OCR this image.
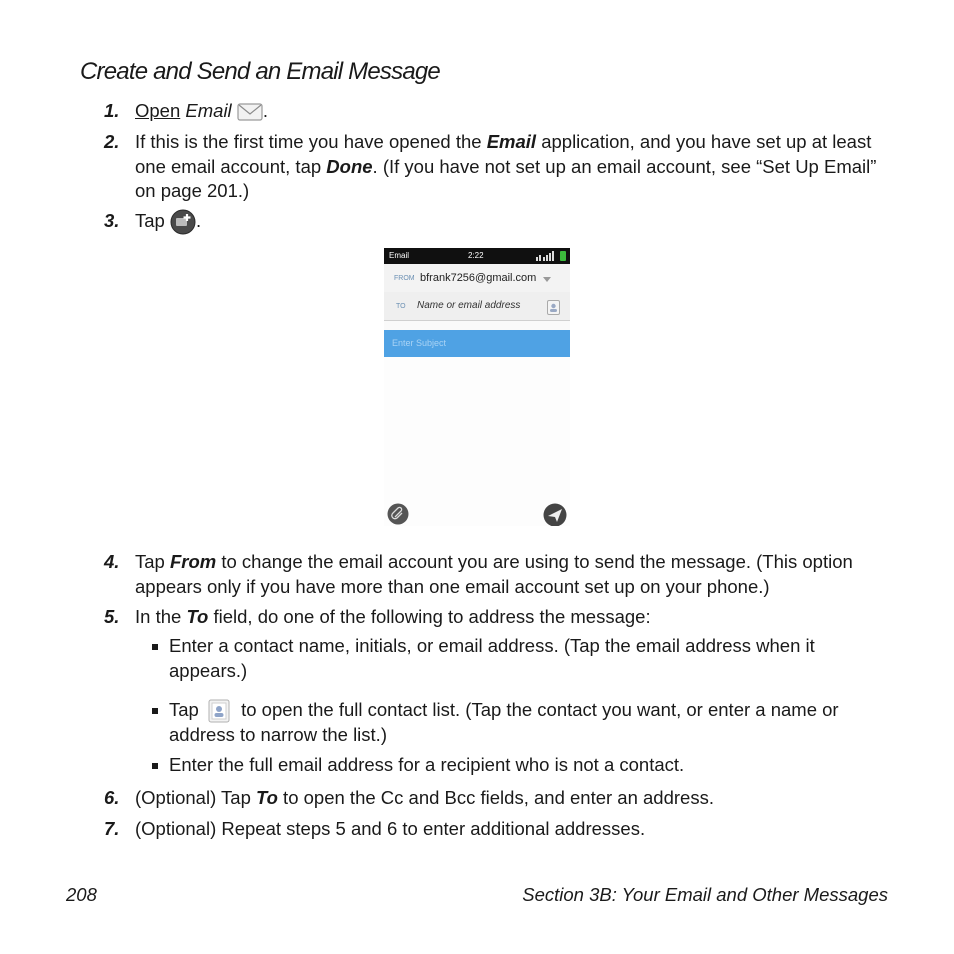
Create and Send an Email Message
1. Open Email .
2. If this is the first time you have opened the Email application, and you have set up at least one email account, tap Done. (If you have not set up an email account, see “Set Up Email” on page 201.)
3. Tap .
Email	2:22
FROM bfrank7256@gmail.com
TO Name or email address
Enter Subject
4. Tap From to change the email account you are using to send the message. (This option appears only if you have more than one email account set up on your phone.)
5. In the To field, do one of the following to address the message:
Enter a contact name, initials, or email address. (Tap the email address when it appears.)
Tap  to open the full contact list. (Tap the contact you want, or enter a name or address to narrow the list.)
Enter the full email address for a recipient who is not a contact.
6. (Optional) Tap To to open the Cc and Bcc fields, and enter an address.
7. (Optional) Repeat steps 5 and 6 to enter additional addresses.
208	Section 3B: Your Email and Other Messages
